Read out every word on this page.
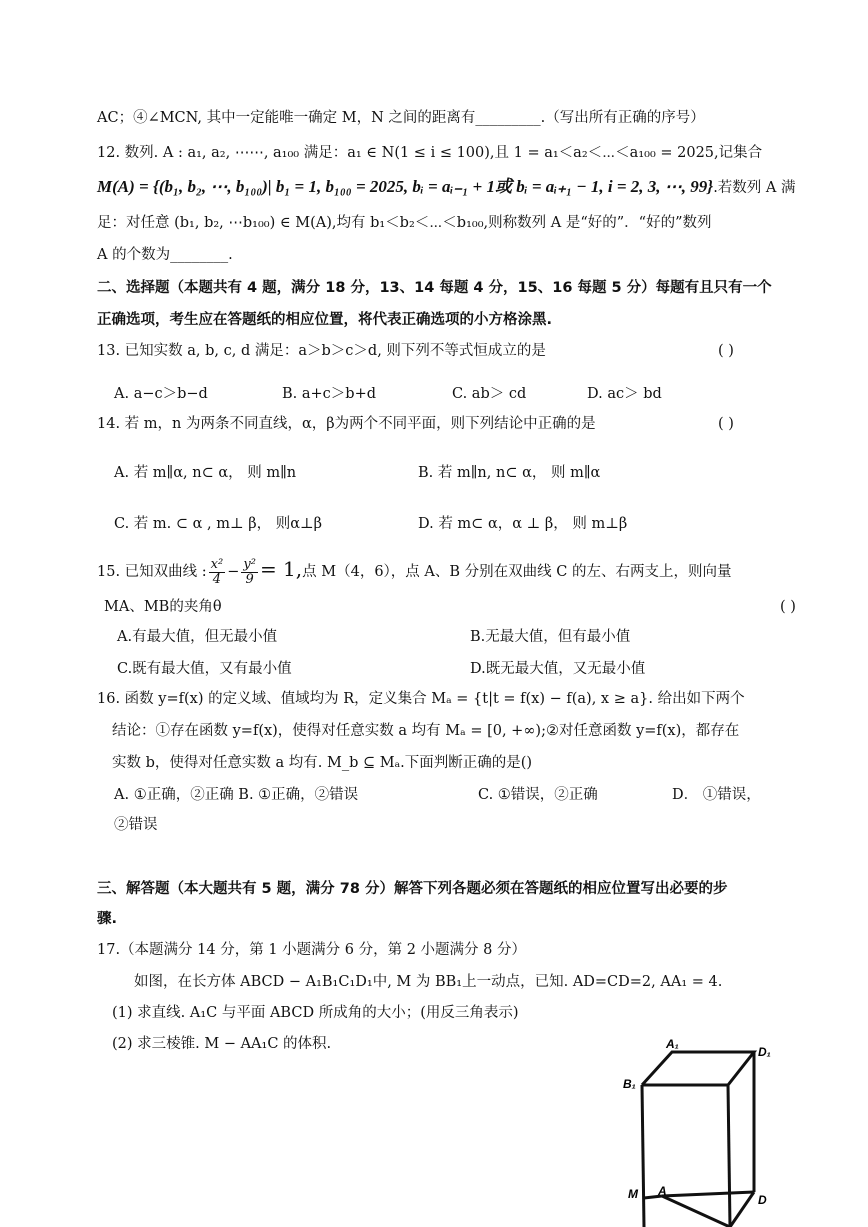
AC；④∠MCN, 其中一定能唯一确定 M，N 之间的距离有_________.（写出所有正确的序号）
12. 数列. A : a₁, a₂, ⋯⋯, a₁₀₀ 满足：a₁ ∈ N(1 ≤ i ≤ 100),且 1 = a₁＜a₂＜⋯＜a₁₀₀ = 2025,记集合
M(A) = {(b₁, b₂, ⋯, b₁₀₀)| b₁ = 1, b₁₀₀ = 2025, bᵢ = aᵢ₋₁ + 1或 bᵢ = aᵢ₊₁ − 1, i = 2, 3, ⋯, 99}.若数列 A 满
足：对任意 (b₁, b₂, ⋯b₁₀₀) ∈ M(A),均有 b₁＜b₂＜⋯＜b₁₀₀,则称数列 A 是“好的”．“好的”数列
A 的个数为________.
二、选择题（本题共有 4 题，满分 18 分，13、14 每题 4 分，15、16 每题 5 分）每题有且只有一个
正确选项，考生应在答题纸的相应位置，将代表正确选项的小方格涂黑.
13. 已知实数 a, b, c, d 满足：a＞b＞c＞d, 则下列不等式恒成立的是	( )
A. a−c＞b−d	B. a+c＞b+d	C. ab＞ cd	D. ac＞ bd
14. 若 m，n 为两条不同直线，α，β为两个不同平面，则下列结论中正确的是	( )
A. 若 m∥α, n⊂ α， 则 m∥n	B. 若 m∥n, n⊂ α， 则 m∥α
C. 若 m. ⊂ α , m⊥ β， 则α⊥β	D. 若 m⊂ α，α ⊥ β， 则 m⊥β
15. 已知双曲线 : $\frac{\text{x²}}{4} - \frac{\text{y²}}{9} = 1$,点 M（4，6），点 A、B 分别在双曲线 C 的左、右两支上，则向量
MA、MB的夹角θ	( )
A.有最大值，但无最小值	B.无最大值，但有最小值
C.既有最大值，又有最小值	D.既无最大值，又无最小值
16. 函数 y=f(x) 的定义域、值域均为 R，定义集合 Mₐ = {t|t = f(x) − f(a), x ≥ a}. 给出如下两个
结论：①存在函数 y=f(x)，使得对任意实数 a 均有 Mₐ = [0, +∞);②对任意函数 y=f(x)，都存在
实数 b，使得对任意实数 a 均有. M_b ⊆ Mₐ.下面判断正确的是()
A. ①正确，②正确 B. ①正确，②错误	C. ①错误，②正确	D． ①错误，
②错误
三、解答题（本大题共有 5 题，满分 78 分）解答下列各题必须在答题纸的相应位置写出必要的步
骤.
17.（本题满分 14 分，第 1 小题满分 6 分，第 2 小题满分 8 分）
如图，在长方体 ABCD − A₁B₁C₁D₁中, M 为 BB₁上一动点，已知. AD=CD=2, AA₁ = 4.
(1) 求直线. A₁C 与平面 ABCD 所成角的大小；(用反三角表示)
(2) 求三棱锥. M − AA₁C 的体积.	A₁
D₁
B₁
M A
D
